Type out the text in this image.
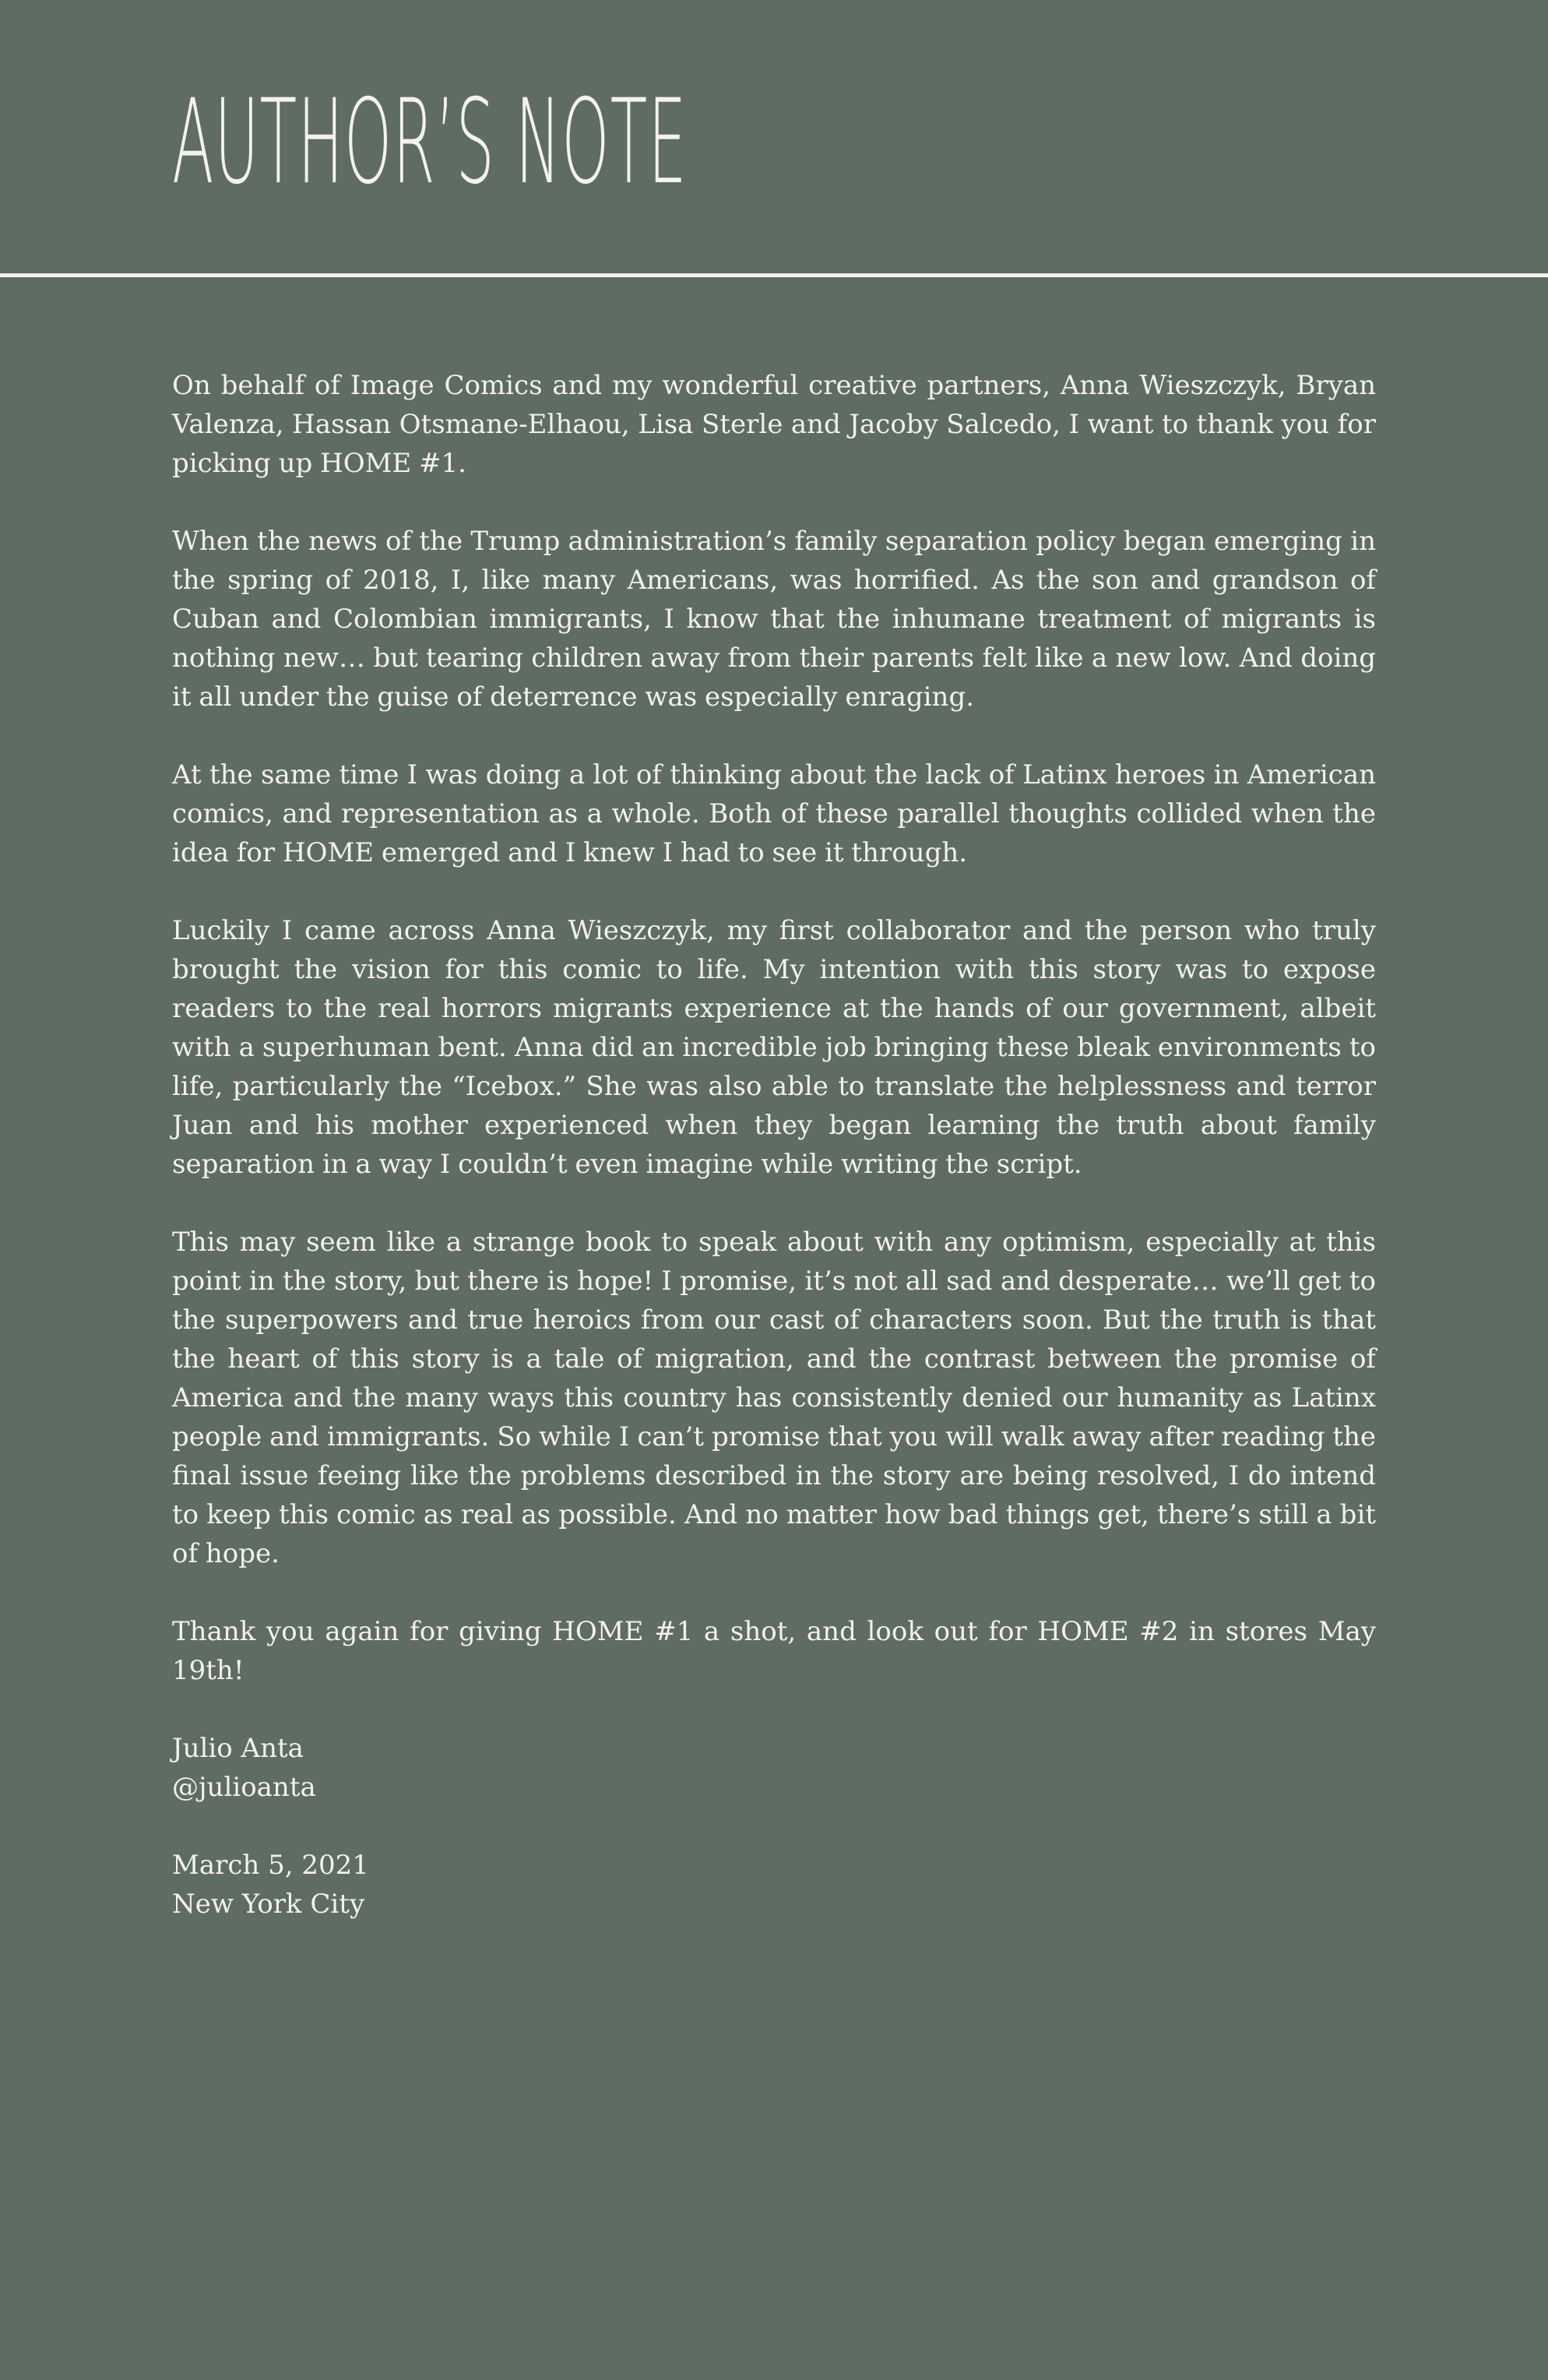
AUTHOR’S NOTE

On behalf of Image Comics and my wonderful creative partners, Anna Wieszczyk, Bryan Valenza, Hassan Otsmane-Elhaou, Lisa Sterle and Jacoby Salcedo, I want to thank you for picking up HOME #1.

When the news of the Trump administration’s family separation policy began emerging in the spring of 2018, I, like many Americans, was horrified. As the son and grandson of Cuban and Colombian immigrants, I know that the inhumane treatment of migrants is nothing new… but tearing children away from their parents felt like a new low. And doing it all under the guise of deterrence was especially enraging.

At the same time I was doing a lot of thinking about the lack of Latinx heroes in American comics, and representation as a whole. Both of these parallel thoughts collided when the idea for HOME emerged and I knew I had to see it through.

Luckily I came across Anna Wieszczyk, my first collaborator and the person who truly brought the vision for this comic to life. My intention with this story was to expose readers to the real horrors migrants experience at the hands of our government, albeit with a superhuman bent. Anna did an incredible job bringing these bleak environments to life, particularly the “Icebox.” She was also able to translate the helplessness and terror Juan and his mother experienced when they began learning the truth about family separation in a way I couldn’t even imagine while writing the script.

This may seem like a strange book to speak about with any optimism, especially at this point in the story, but there is hope! I promise, it’s not all sad and desperate… we’ll get to the superpowers and true heroics from our cast of characters soon. But the truth is that the heart of this story is a tale of migration, and the contrast between the promise of America and the many ways this country has consistently denied our humanity as Latinx people and immigrants. So while I can’t promise that you will walk away after reading the final issue feeing like the problems described in the story are being resolved, I do intend to keep this comic as real as possible. And no matter how bad things get, there’s still a bit of hope.

Thank you again for giving HOME #1 a shot, and look out for HOME #2 in stores May 19th!

Julio Anta
@julioanta
March 5, 2021
New York City
